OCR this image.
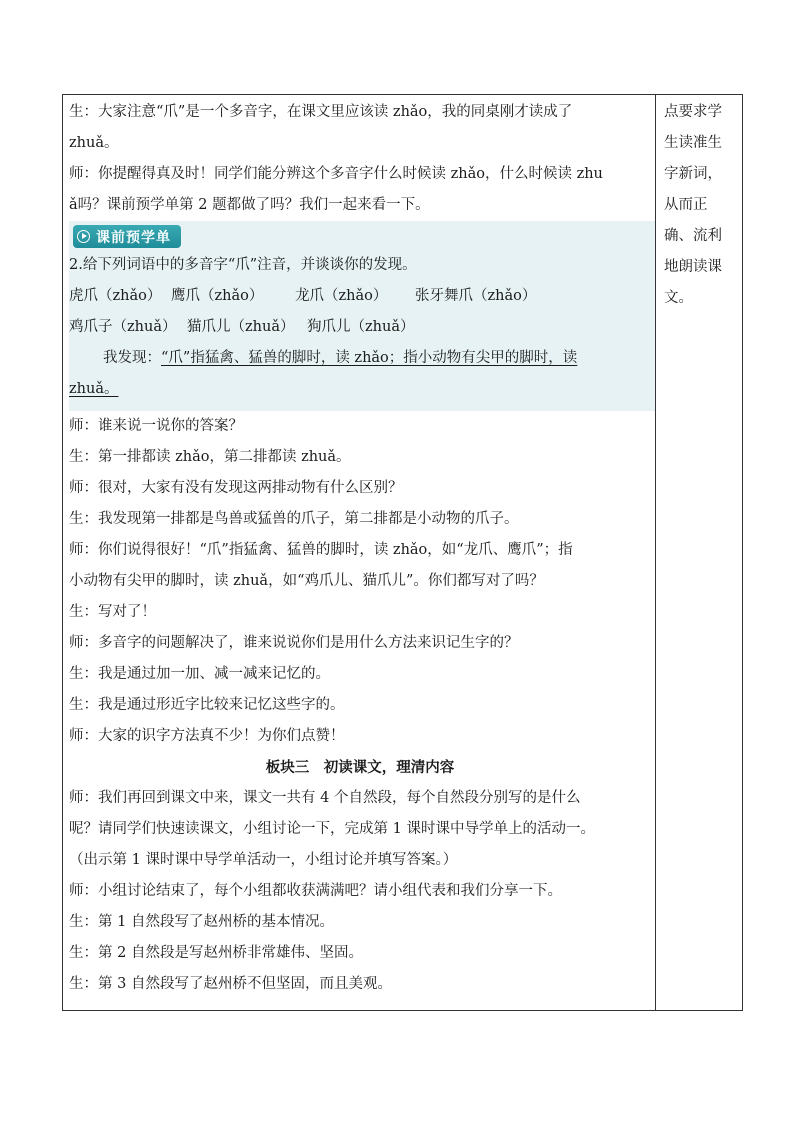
生：大家注意“爪”是一个多音字，在课文里应该读 zhǎo，我的同桌刚才读成了
zhuǎ。
师：你提醒得真及时！同学们能分辨这个多音字什么时候读 zhǎo，什么时候读 zhu
ǎ吗？课前预学单第 2 题都做了吗？我们一起来看一下。
课前预学单
2.给下列词语中的多音字“爪”注音，并谈谈你的发现。
虎爪（zhǎo） 鹰爪（zhǎo） 龙爪（zhǎo） 张牙舞爪（zhǎo）
鸡爪子（zhuǎ） 猫爪儿（zhuǎ） 狗爪儿（zhuǎ）
我发现：“爪”指猛禽、猛兽的脚时，读 zhǎo；指小动物有尖甲的脚时，读
zhuǎ。
师：谁来说一说你的答案？
生：第一排都读 zhǎo，第二排都读 zhuǎ。
师：很对，大家有没有发现这两排动物有什么区别？
生：我发现第一排都是鸟兽或猛兽的爪子，第二排都是小动物的爪子。
师：你们说得很好！“爪”指猛禽、猛兽的脚时，读 zhǎo，如“龙爪、鹰爪”；指
小动物有尖甲的脚时，读 zhuǎ，如“鸡爪儿、猫爪儿”。你们都写对了吗？
生：写对了！
师：多音字的问题解决了，谁来说说你们是用什么方法来识记生字的？
生：我是通过加一加、减一减来记忆的。
生：我是通过形近字比较来记忆这些字的。
师：大家的识字方法真不少！为你们点赞！
板块三　初读课文，理清内容
师：我们再回到课文中来，课文一共有 4 个自然段，每个自然段分别写的是什么
呢？请同学们快速读课文，小组讨论一下，完成第 1 课时课中导学单上的活动一。
（出示第 1 课时课中导学单活动一，小组讨论并填写答案。）
师：小组讨论结束了，每个小组都收获满满吧？请小组代表和我们分享一下。
生：第 1 自然段写了赵州桥的基本情况。
生：第 2 自然段是写赵州桥非常雄伟、坚固。
生：第 3 自然段写了赵州桥不但坚固，而且美观。
点要求学
生读准生
字新词，
从而正
确、流利
地朗读课
文。
